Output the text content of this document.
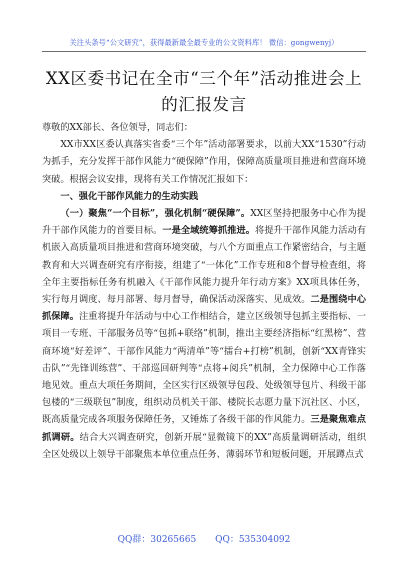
关注头条号“公文研究”，获得最新最全最专业的公文资料库！ 微信：gongwenyj）
XX区委书记在全市“三个年”活动推进会上
的汇报发言

尊敬的XX部长、各位领导，同志们：

XX市XX区委认真落实省委“三个年”活动部署要求，以前大XX“1530”行动为抓手，充分发挥干部作风能力“硬保障”作用，保障高质量项目推进和营商环境突破。根据会议安排，现将有关工作情况汇报如下：

一、强化干部作风能力的生动实践

（一）聚焦“一个目标”，强化机制“硬保障”。XX区坚持把服务中心作为提升干部作风能力的首要目标。一是全域统筹抓推进。将提升干部作风能力活动有机嵌入高质量项目推进和营商环境突破，与八个方面重点工作紧密结合，与主题教育和大兴调查研究有序衔接，组建了“一体化”工作专班和8个督导检查组，将全年主要指标任务有机融入《干部作风能力提升年行动方案》XX项具体任务，实行每月调度、每月部署、每月督导，确保活动深落实、见成效。二是围绕中心抓保障。注重将提升年活动与中心工作相结合，建立区级领导包抓主要指标、一项目一专班、干部服务员等“包抓+联络”机制，推出主要经济指标“红黑榜”、营商环境“好差评”、干部作风能力“两清单”等“擂台+打榜”机制，创新“XX青锋实击队”“先锋训练营”、干部巡回研判等“点将+阅兵”机制，全力保障中心工作落地见效。重点大项任务期间，全区实行区级领导包段、处级领导包片、科级干部包楼的“三级联包”制度，组织动员机关干部、楼院长志愿力量下沉社区、小区，既高质量完成各项服务保障任务，又锤炼了各级干部的作风能力。三是聚焦难点抓调研。结合大兴调查研究，创新开展“显微镜下的XX”高质量调研活动，组织全区处级以上领导干部聚焦本单位重点任务、薄弱环节和短板问题，开展蹲点式

QQ群：30265665 QQ：535304092
